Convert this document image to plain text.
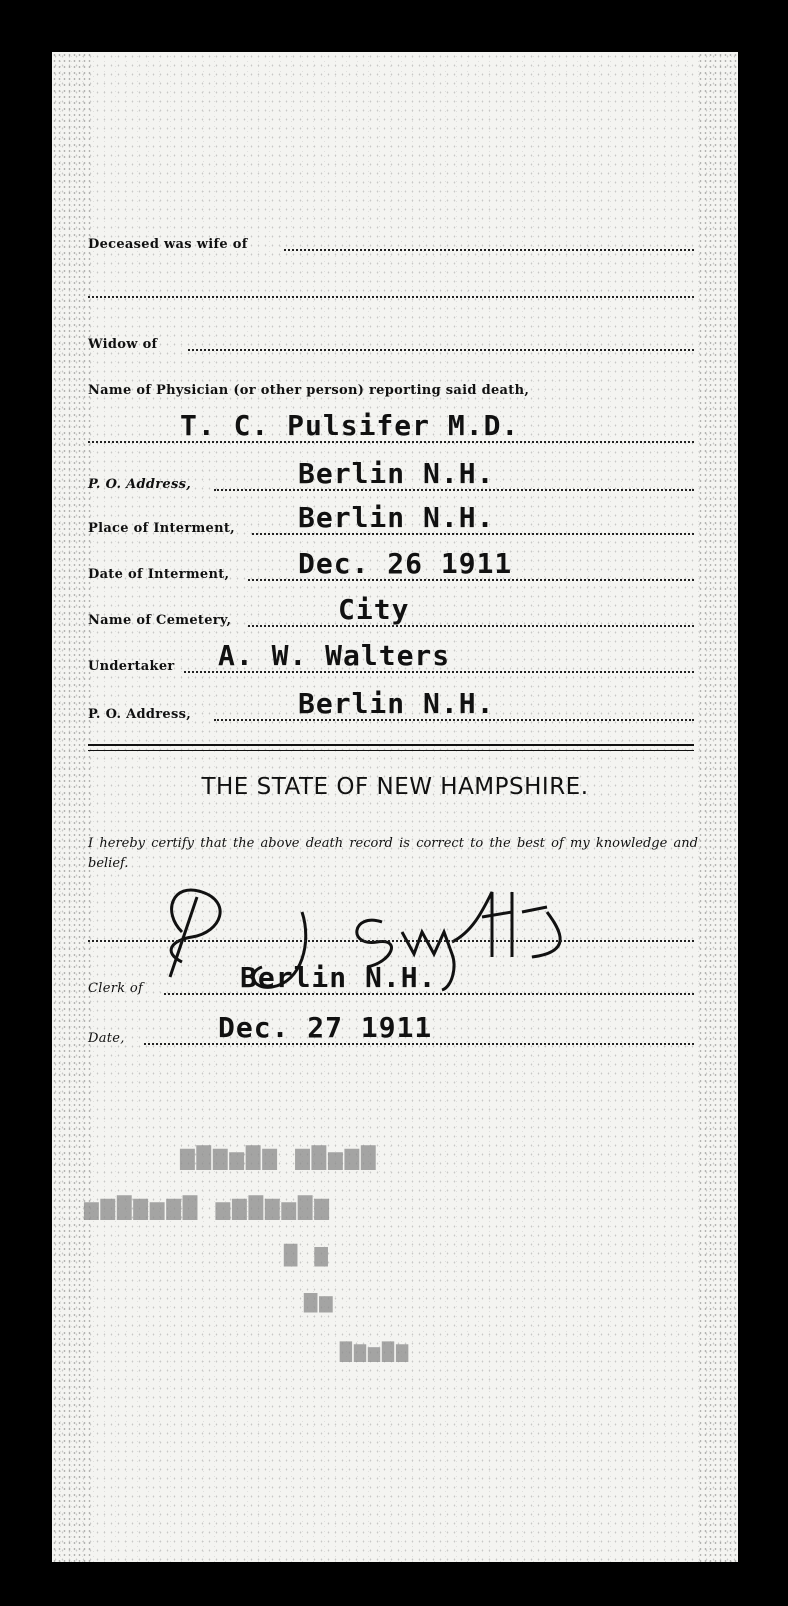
Deceased was wife of
Widow of
Name of Physician (or other person) reporting said death,
T. C. Pulsifer M.D.
P. O. Address,	Berlin N.H.
Place of Interment, Berlin N.H.
Date of Interment, Dec. 26 1911
Name of Cemetery,	City
Undertaker A. W. Walters
P. O. Address,	Berlin N.H.
THE STATE OF NEW HAMPSHIRE.
I hereby certify that the above death record is correct to the best of my knowledge and belief.
Clerk of	Berlin N.H.
Date,	Dec. 27 1911
▇▆▅▇▆ ▆▇▅▆▇▆
▆▇▅▆▇▆▅ ▇▆▅▆▇▆▅
▆ ▇
▅▆
▆▇▅▆▇
